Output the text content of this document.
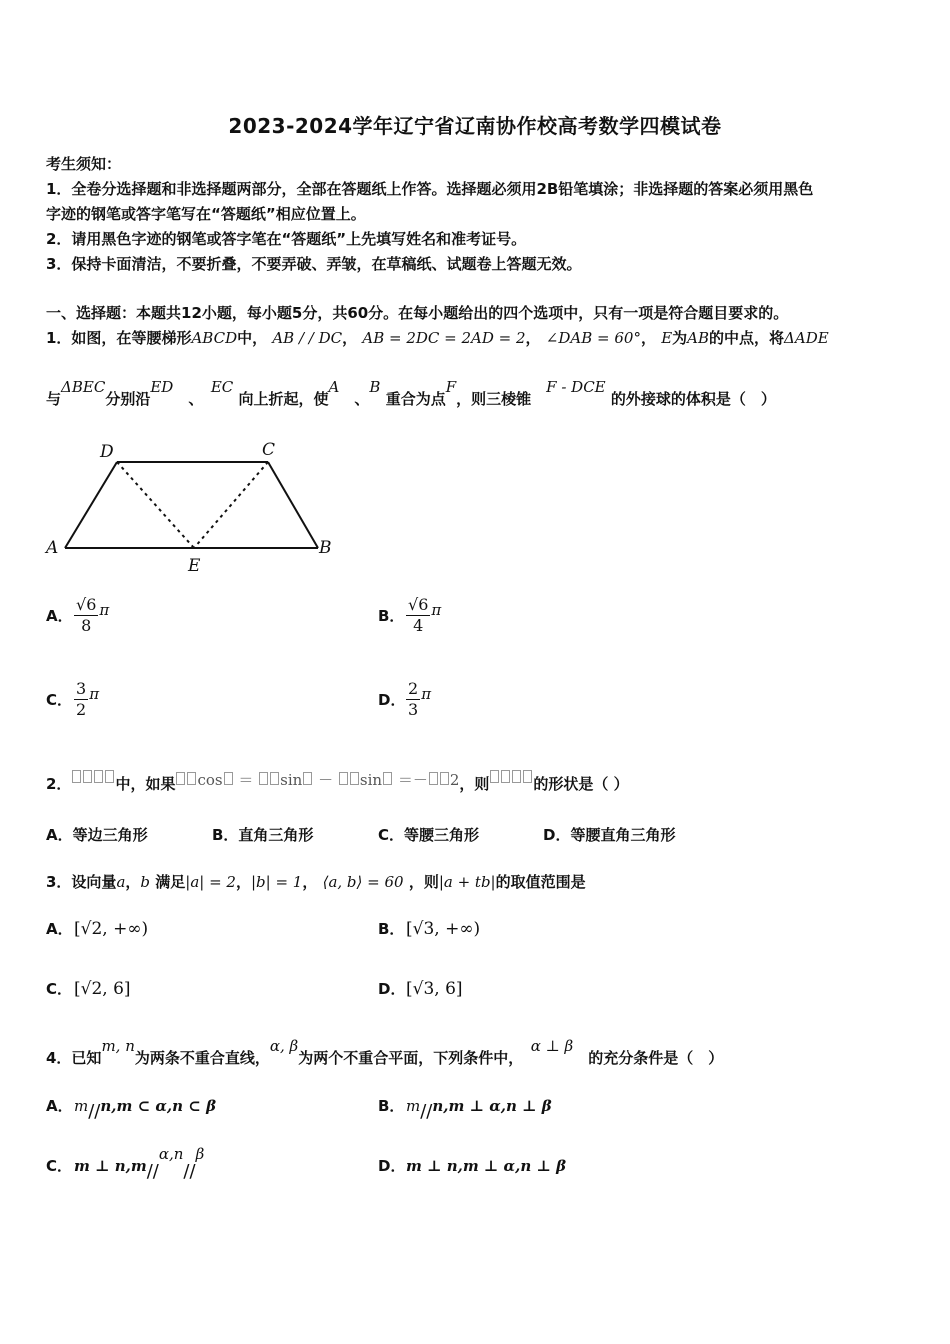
2023-2024学年辽宁省辽南协作校高考数学四模试卷
考生须知：
1．全卷分选择题和非选择题两部分，全部在答题纸上作答。选择题必须用2B铅笔填涂；非选择题的答案必须用黑色
字迹的钢笔或答字笔写在“答题纸”相应位置上。
2．请用黑色字迹的钢笔或答字笔在“答题纸”上先填写姓名和准考证号。
3．保持卡面清洁，不要折叠，不要弄破、弄皱，在草稿纸、试题卷上答题无效。
一、选择题：本题共12小题，每小题5分，共60分。在每小题给出的四个选项中，只有一项是符合题目要求的。
1．如图，在等腰梯形ABCD中， AB / / DC， AB = 2DC = 2AD = 2， ∠DAB = 60°， E为AB的中点，将ΔADE
与ΔBEC分别沿ED　、　EC 向上折起，使A　、B 重合为点F，则三棱锥　F - DCE 的外接球的体积是（　）
D	C
A	B
E
A． $\frac{√6}{8}$ π	B． $\frac{√6}{4}$ π
C． $\frac{3}{2}$ π	D． $\frac{2}{3}$ π
2．	中，如果 cos ＝ sin － sin ＝－ 2，则	的形状是（ ）
A．等边三角形	B．直角三角形	C．等腰三角形	D．等腰直角三角形
3．设向量a，b 满足|a| = 2，|b| = 1， ⟨a, b⟩ = 60 ，则|a + tb|的取值范围是
A． [√2, +∞)	B． [√3, +∞)
C． [√2, 6]	D． [√3, 6]
4．已知m, n为两条不重合直线，α, β为两个不重合平面，下列条件中，　α ⊥ β　的充分条件是（　）
A． m // n,m ⊂ α,n ⊂ β	B． m // n,m ⊥ α,n ⊥ β
C． m ⊥ n,m //
α,n
//
β
D． m ⊥ n,m ⊥ α,n ⊥ β
